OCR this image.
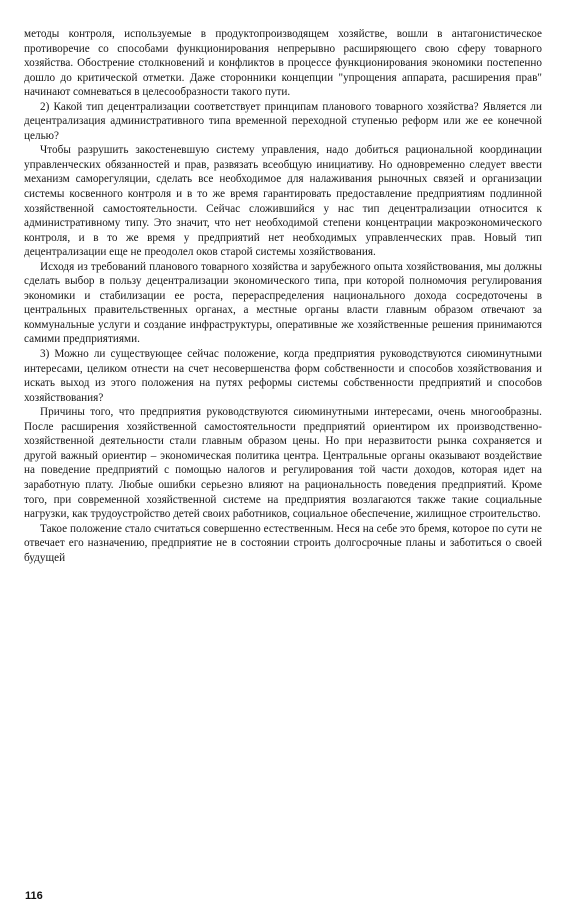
методы контроля, используемые в продуктопроизводящем хозяйстве, вошли в антагонистическое противоречие со способами функционирования непрерывно расширяющего свою сферу товарного хозяйства. Обострение столкновений и конфликтов в процессе функционирования экономики постепенно дошло до критической отметки. Даже сторонники концепции "упрощения аппарата, расширения прав" начинают сомневаться в целесообразности такого пути.

2) Какой тип децентрализации соответствует принципам планового товарного хозяйства? Является ли децентрализация административного типа временной переходной ступенью реформ или же ее конечной целью?

Чтобы разрушить закостеневшую систему управления, надо добиться рациональной координации управленческих обязанностей и прав, развязать всеобщую инициативу. Но одновременно следует ввести механизм саморегуляции, сделать все необходимое для налаживания рыночных связей и организации системы косвенного контроля и в то же время гарантировать предоставление предприятиям подлинной хозяйственной самостоятельности. Сейчас сложившийся у нас тип децентрализации относится к административному типу. Это значит, что нет необходимой степени концентрации макроэкономического контроля, и в то же время у предприятий нет необходимых управленческих прав. Новый тип децентрализации еще не преодолел оков старой системы хозяйствования.

Исходя из требований планового товарного хозяйства и зарубежного опыта хозяйствования, мы должны сделать выбор в пользу децентрализации экономического типа, при которой полномочия регулирования экономики и стабилизации ее роста, перераспределения национального дохода сосредоточены в центральных правительственных органах, а местные органы власти главным образом отвечают за коммунальные услуги и создание инфраструктуры, оперативные же хозяйственные решения принимаются самими предприятиями.

3) Можно ли существующее сейчас положение, когда предприятия руководствуются сиюминутными интересами, целиком отнести на счет несовершенства форм собственности и способов хозяйствования и искать выход из этого положения на путях реформы системы собственности предприятий и способов хозяйствования?

Причины того, что предприятия руководствуются сиюминутными интересами, очень многообразны. После расширения хозяйственной самостоятельности предприятий ориентиром их производственно-хозяйственной деятельности стали главным образом цены. Но при неразвитости рынка сохраняется и другой важный ориентир – экономическая политика центра. Центральные органы оказывают воздействие на поведение предприятий с помощью налогов и регулирования той части доходов, которая идет на заработную плату. Любые ошибки серьезно влияют на рациональность поведения предприятий. Кроме того, при современной хозяйственной системе на предприятия возлагаются также такие социальные нагрузки, как трудоустройство детей своих работников, социальное обеспечение, жилищное строительство.

Такое положение стало считаться совершенно естественным. Неся на себе это бремя, которое по сути не отвечает его назначению, предприятие не в состоянии строить долгосрочные планы и заботиться о своей будущей

116
